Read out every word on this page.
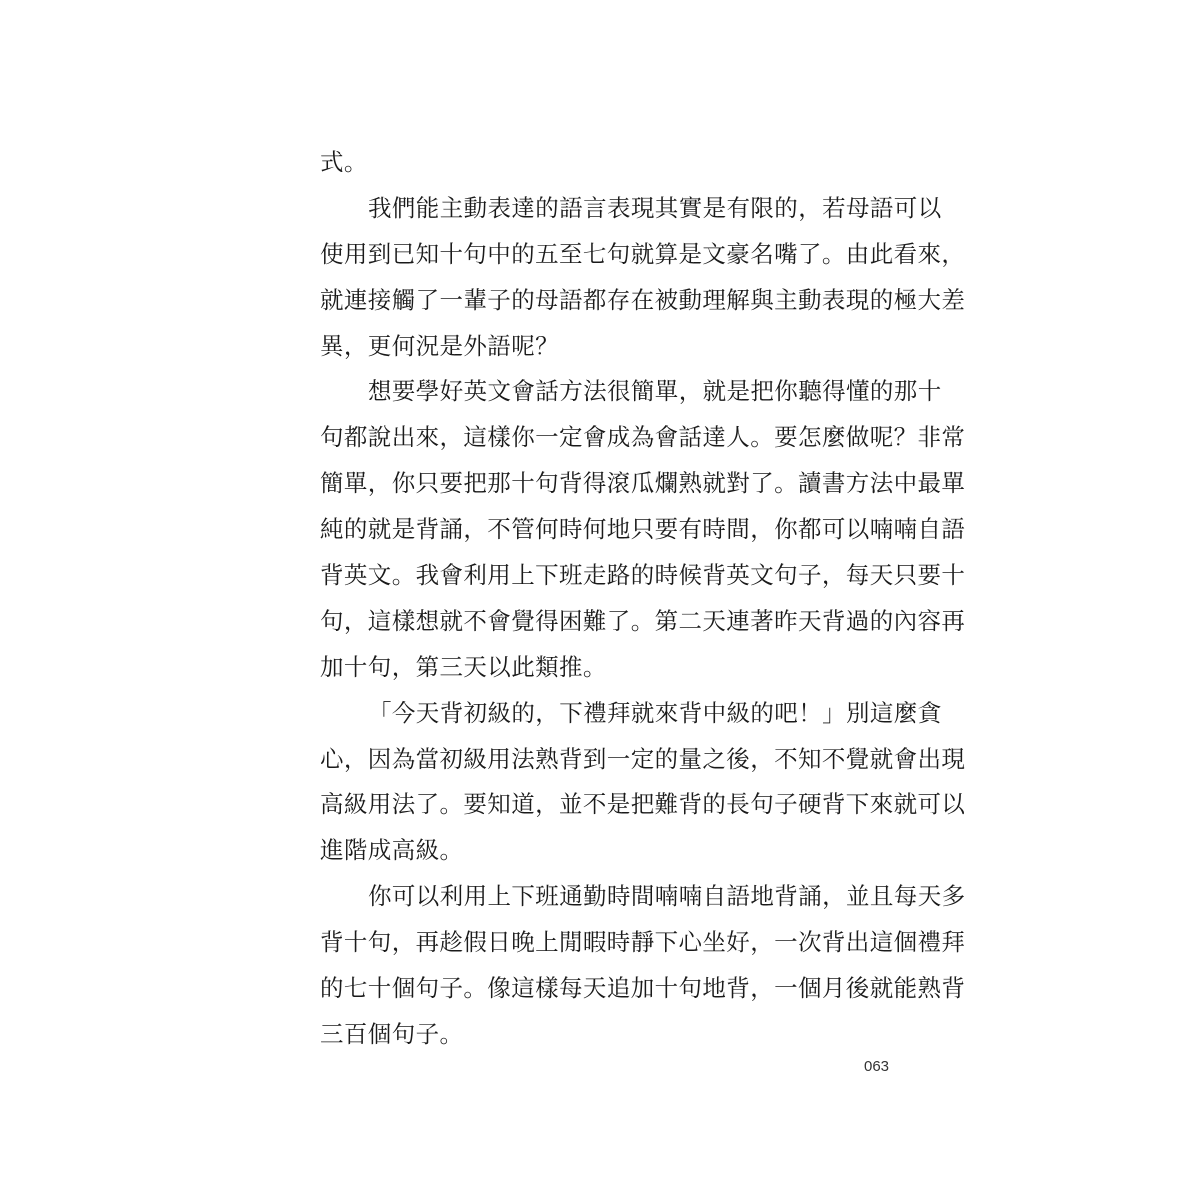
式。

我們能主動表達的語言表現其實是有限的，若母語可以

使用到已知十句中的五至七句就算是文豪名嘴了。由此看來，

就連接觸了一輩子的母語都存在被動理解與主動表現的極大差

異，更何況是外語呢？

想要學好英文會話方法很簡單，就是把你聽得懂的那十

句都說出來，這樣你一定會成為會話達人。要怎麼做呢？非常

簡單，你只要把那十句背得滾瓜爛熟就對了。讀書方法中最單

純的就是背誦，不管何時何地只要有時間，你都可以喃喃自語

背英文。我會利用上下班走路的時候背英文句子，每天只要十

句，這樣想就不會覺得困難了。第二天連著昨天背過的內容再

加十句，第三天以此類推。

「今天背初級的，下禮拜就來背中級的吧！」別這麼貪

心，因為當初級用法熟背到一定的量之後，不知不覺就會出現

高級用法了。要知道，並不是把難背的長句子硬背下來就可以

進階成高級。

你可以利用上下班通勤時間喃喃自語地背誦，並且每天多

背十句，再趁假日晚上閒暇時靜下心坐好，一次背出這個禮拜

的七十個句子。像這樣每天追加十句地背，一個月後就能熟背

三百個句子。

063
